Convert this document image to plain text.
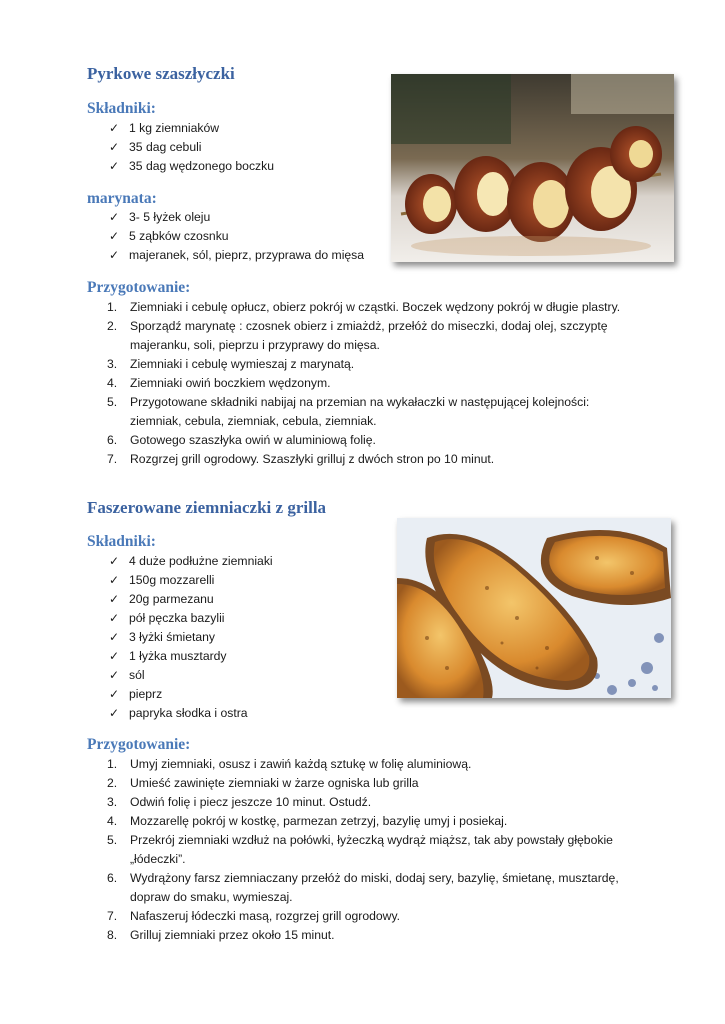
Pyrkowe szaszłyczki
Składniki:
✓ 1 kg ziemniaków
✓ 35 dag cebuli
✓ 35 dag wędzonego boczku
marynata:
✓ 3- 5 łyżek oleju
✓ 5 ząbków czosnku
✓ majeranek, sól, pieprz, przyprawa do mięsa
Przygotowanie:
1. Ziemniaki i cebulę opłucz, obierz pokrój w cząstki. Boczek wędzony pokrój w długie plastry.
2. Sporządź marynatę : czosnek obierz i zmiażdż, przełóż do miseczki, dodaj olej, szczyptę
majeranku, soli, pieprzu i przyprawy do mięsa.
3. Ziemniaki i cebulę wymieszaj z marynatą.
4. Ziemniaki owiń boczkiem wędzonym.
5. Przygotowane składniki nabijaj na przemian na wykałaczki w następującej kolejności:
ziemniak, cebula, ziemniak, cebula, ziemniak.
6. Gotowego szaszłyka owiń w aluminiową folię.
7. Rozgrzej grill ogrodowy. Szaszłyki grilluj z dwóch stron po 10 minut.
Faszerowane ziemniaczki z grilla
Składniki:
✓ 4 duże podłużne ziemniaki
✓ 150g mozzarelli
✓ 20g parmezanu
✓ pół pęczka bazylii
✓ 3 łyżki śmietany
✓ 1 łyżka musztardy
✓ sól
✓ pieprz
✓ papryka słodka i ostra
Przygotowanie:
1. Umyj ziemniaki, osusz i zawiń każdą sztukę w folię aluminiową.
2. Umieść zawinięte ziemniaki w żarze ogniska lub grilla
3. Odwiń folię i piecz jeszcze 10 minut. Ostudź.
4. Mozzarellę pokrój w kostkę, parmezan zetrzyj, bazylię umyj i posiekaj.
5. Przekrój ziemniaki wzdłuż na połówki, łyżeczką wydrąż miąższ, tak aby powstały głębokie
„łódeczki”.
6. Wydrążony farsz ziemniaczany przełóż do miski, dodaj sery, bazylię, śmietanę, musztardę,
dopraw do smaku, wymieszaj.
7. Nafaszeruj łódeczki masą, rozgrzej grill ogrodowy.
8. Grilluj ziemniaki przez około 15 minut.
